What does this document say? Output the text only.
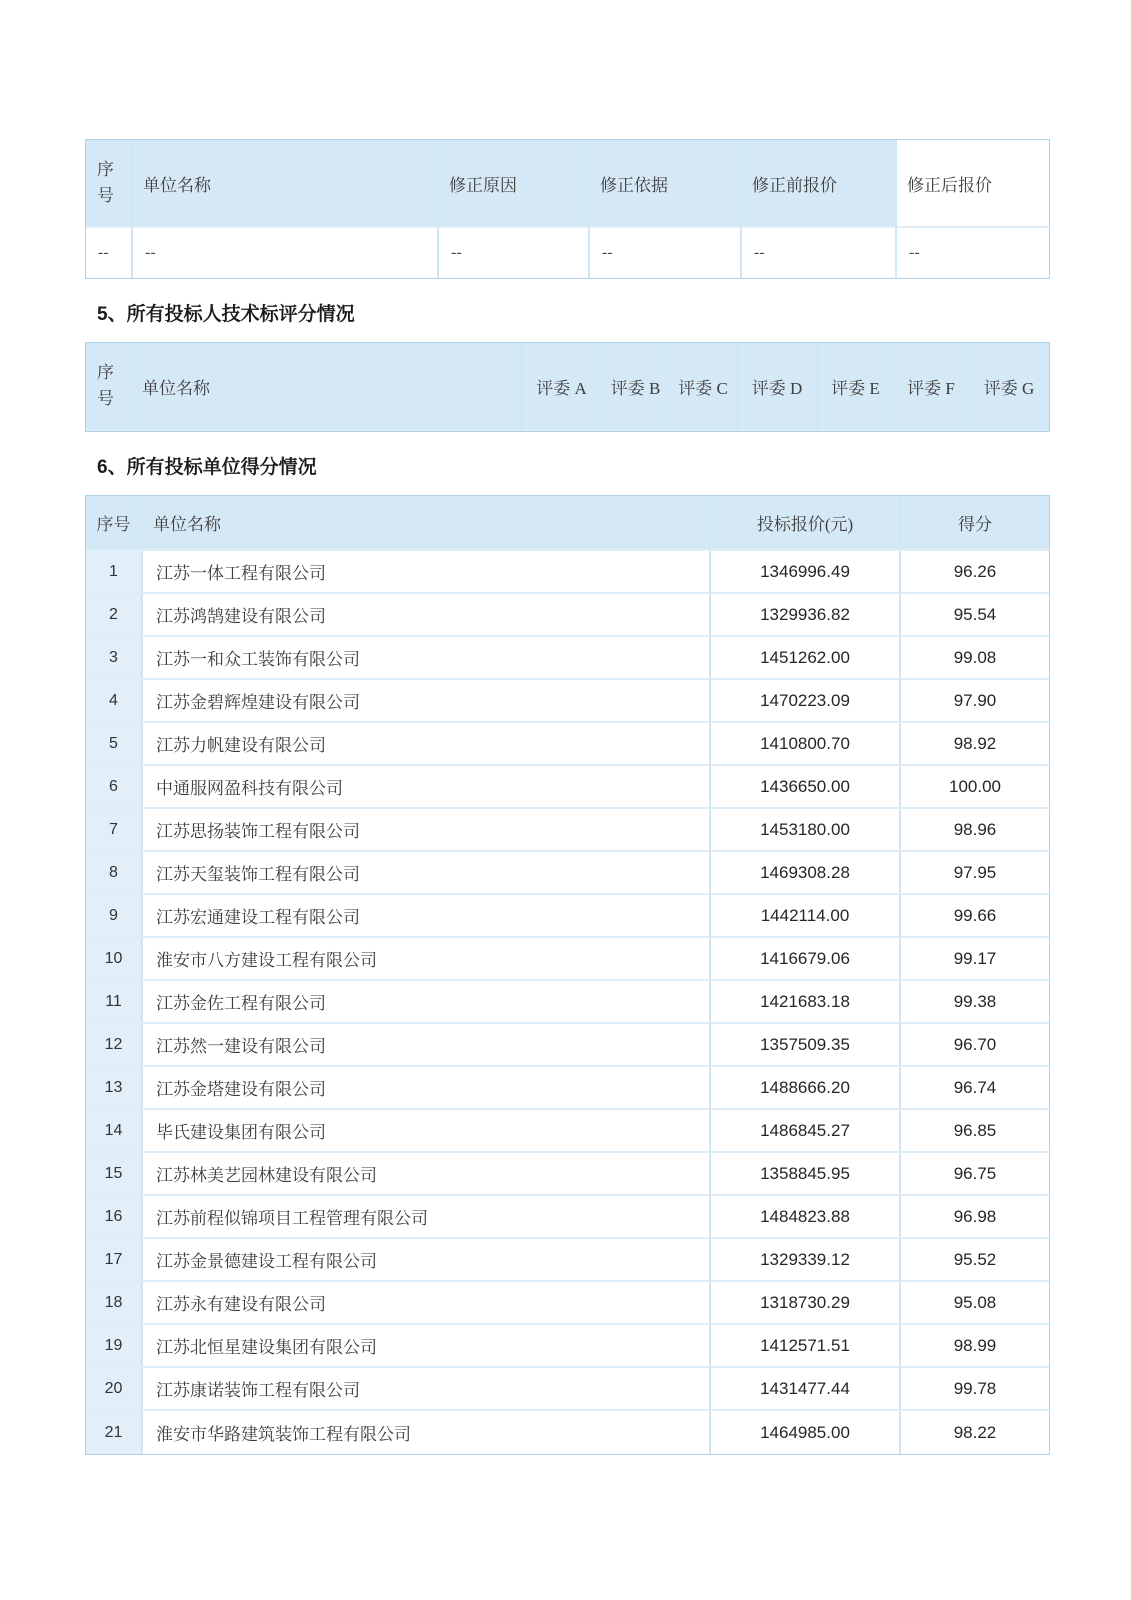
序号	单位名称	修正原因	修正依据	修正前报价	修正后报价
--	--	--	--	--	--
5、所有投标人技术标评分情况
序号	单位名称	评委 A	评委 B	评委 C	评委 D	评委 E	评委 F	评委 G
6、所有投标单位得分情况
序号	单位名称	投标报价(元)	得分
1	江苏一体工程有限公司	1346996.49	96.26
2	江苏鸿鹄建设有限公司	1329936.82	95.54
3	江苏一和众工装饰有限公司	1451262.00	99.08
4	江苏金碧辉煌建设有限公司	1470223.09	97.90
5	江苏力帆建设有限公司	1410800.70	98.92
6	中通服网盈科技有限公司	1436650.00	100.00
7	江苏思扬装饰工程有限公司	1453180.00	98.96
8	江苏天玺装饰工程有限公司	1469308.28	97.95
9	江苏宏通建设工程有限公司	1442114.00	99.66
10	淮安市八方建设工程有限公司	1416679.06	99.17
11	江苏金佐工程有限公司	1421683.18	99.38
12	江苏然一建设有限公司	1357509.35	96.70
13	江苏金塔建设有限公司	1488666.20	96.74
14	毕氏建设集团有限公司	1486845.27	96.85
15	江苏林美艺园林建设有限公司	1358845.95	96.75
16	江苏前程似锦项目工程管理有限公司	1484823.88	96.98
17	江苏金景德建设工程有限公司	1329339.12	95.52
18	江苏永有建设有限公司	1318730.29	95.08
19	江苏北恒星建设集团有限公司	1412571.51	98.99
20	江苏康诺装饰工程有限公司	1431477.44	99.78
21	淮安市华路建筑装饰工程有限公司	1464985.00	98.22
